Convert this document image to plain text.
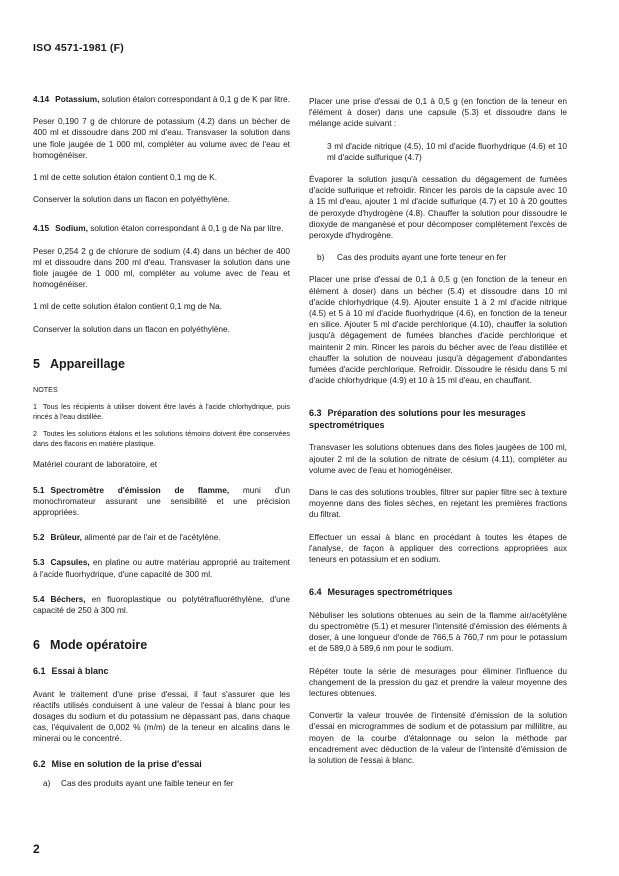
ISO 4571-1981 (F)

4.14 Potassium, solution étalon correspondant à 0,1 g de K par litre.

Peser 0,190 7 g de chlorure de potassium (4.2) dans un bécher de 400 ml et dissoudre dans 200 ml d'eau. Transvaser la solution dans une fiole jaugée de 1 000 ml, compléter au volume avec de l'eau et homogénéiser.

1 ml de cette solution étalon contient 0,1 mg de K.

Conserver la solution dans un flacon en polyéthylène.

4.15 Sodium, solution étalon correspondant à 0,1 g de Na par litre.

Peser 0,254 2 g de chlorure de sodium (4.4) dans un bécher de 400 ml et dissoudre dans 200 ml d'eau. Transvaser la solution dans une fiole jaugée de 1 000 ml, compléter au volume avec de l'eau et homogénéiser.

1 ml de cette solution étalon contient 0,1 mg de Na.

Conserver la solution dans un flacon en polyéthylène.

5 Appareillage

NOTES

1 Tous les récipients à utiliser doivent être lavés à l'acide chlorhydrique, puis rincés à l'eau distillée.

2 Toutes les solutions étalons et les solutions témoins doivent être conservées dans des flacons en matière plastique.

Matériel courant de laboratoire, et

5.1 Spectromètre d'émission de flamme, muni d'un monochromateur assurant une sensibilité et une précision appropriées.

5.2 Brûleur, alimenté par de l'air et de l'acétylène.

5.3 Capsules, en platine ou autre matériau approprié au traitement à l'acide fluorhydrique, d'une capacité de 300 ml.

5.4 Béchers, en fluoroplastique ou polytétrafluoréthylène, d'une capacité de 250 à 300 ml.

6 Mode opératoire
6.1 Essai à blanc

Avant le traitement d'une prise d'essai, il faut s'assurer que les réactifs utilisés conduisent à une valeur de l'essai à blanc pour les dosages du sodium et du potassium ne dépassant pas, dans chaque cas, l'équivalent de 0,002 % (m/m) de la teneur en alcalins dans le minerai ou le concentré.

6.2 Mise en solution de la prise d'essai
a)	Cas des produits ayant une faible teneur en fer

Placer une prise d'essai de 0,1 à 0,5 g (en fonction de la teneur en l'élément à doser) dans une capsule (5.3) et dissoudre dans le mélange acide suivant :

3 ml d'acide nitrique (4.5), 10 ml d'acide fluorhydrique (4.6) et 10 ml d'acide sulfurique (4.7)

Évaporer la solution jusqu'à cessation du dégagement de fumées d'acide sulfurique et refroidir. Rincer les parois de la capsule avec 10 à 15 ml d'eau, ajouter 1 ml d'acide sulfurique (4.7) et 10 à 20 gouttes de peroxyde d'hydrogène (4.8). Chauffer la solution pour dissoudre le dioxyde de manganèse et pour décomposer complètement l'excès de peroxyde d'hydrogène.

b)	Cas des produits ayant une forte teneur en fer

Placer une prise d'essai de 0,1 à 0,5 g (en fonction de la teneur en élément à doser) dans un bécher (5.4) et dissoudre dans 10 ml d'acide chlorhydrique (4.9). Ajouter ensuite 1 à 2 ml d'acide nitrique (4.5) et 5 à 10 ml d'acide fluorhydrique (4.6), en fonction de la teneur en silice. Ajouter 5 ml d'acide perchlorique (4.10), chauffer la solution jusqu'à dégagement de fumées blanches d'acide perchlorique et maintenir 2 min. Rincer les parois du bécher avec de l'eau distillée et chauffer la solution de nouveau jusqu'à dégagement d'abondantes fumées d'acide perchlorique. Refroidir. Dissoudre le résidu dans 5 ml d'acide chlorhydrique (4.9) et 10 à 15 ml d'eau, en chauffant.

6.3 Préparation des solutions pour les mesurages spectrométriques

Transvaser les solutions obtenues dans des fioles jaugées de 100 ml, ajouter 2 ml de la solution de nitrate de césium (4.11), compléter au volume avec de l'eau et homogénéiser.

Dans le cas des solutions troubles, filtrer sur papier filtre sec à texture moyenne dans des fioles sèches, en rejetant les premières fractions du filtrat.

Effectuer un essai à blanc en procédant à toutes les étapes de l'analyse, de façon à appliquer des corrections appropriées aux teneurs en potassium et en sodium.

6.4 Mesurages spectrométriques

Nébuliser les solutions obtenues au sein de la flamme air/acétylène du spectromètre (5.1) et mesurer l'intensité d'émission des éléments à doser, à une longueur d'onde de 766,5 à 760,7 nm pour le potassium et de 589,0 à 589,6 nm pour le sodium.

Répéter toute la série de mesurages pour éliminer l'influence du changement de la pression du gaz et prendre la valeur moyenne des lectures obtenues.

Convertir la valeur trouvée de l'intensité d'émission de la solution d'essai en microgrammes de sodium et de potassium par millilitre, au moyen de la courbe d'étalonnage ou selon la méthode par encadrement avec déduction de la valeur de l'intensité d'émission de la solution de l'essai à blanc.

2
